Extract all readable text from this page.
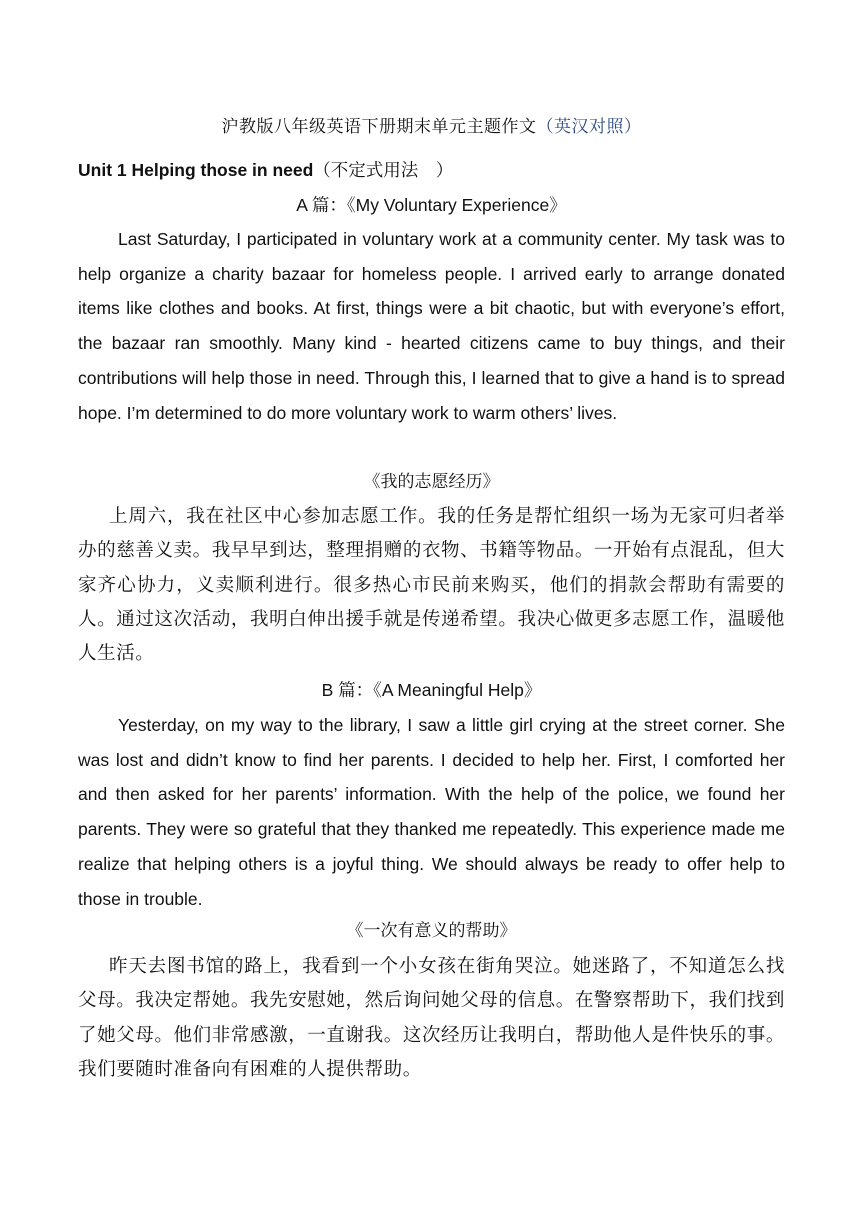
沪教版八年级英语下册期末单元主题作文（英汉对照）
Unit 1 Helping those in need（不定式用法　）
A 篇：《My Voluntary Experience》

Last Saturday, I participated in voluntary work at a community center. My task was to help organize a charity bazaar for homeless people. I arrived early to arrange donated items like clothes and books. At first, things were a bit chaotic, but with everyone’s effort, the bazaar ran smoothly. Many kind - hearted citizens came to buy things, and their contributions will help those in need. Through this, I learned that to give a hand is to spread hope. I’m determined to do more voluntary work to warm others’ lives.

《我的志愿经历》

上周六，我在社区中心参加志愿工作。我的任务是帮忙组织一场为无家可归者举办的慈善义卖。我早早到达，整理捐赠的衣物、书籍等物品。一开始有点混乱，但大家齐心协力，义卖顺利进行。很多热心市民前来购买，他们的捐款会帮助有需要的人。通过这次活动，我明白伸出援手就是传递希望。我决心做更多志愿工作，温暖他人生活。

B 篇：《A Meaningful Help》

Yesterday, on my way to the library, I saw a little girl crying at the street corner. She was lost and didn’t know to find her parents. I decided to help her. First, I comforted her and then asked for her parents’ information. With the help of the police, we found her parents. They were so grateful that they thanked me repeatedly. This experience made me realize that helping others is a joyful thing. We should always be ready to offer help to those in trouble.

《一次有意义的帮助》

昨天去图书馆的路上，我看到一个小女孩在街角哭泣。她迷路了，不知道怎么找父母。我决定帮她。我先安慰她，然后询问她父母的信息。在警察帮助下，我们找到了她父母。他们非常感激，一直谢我。这次经历让我明白，帮助他人是件快乐的事。我们要随时准备向有困难的人提供帮助。
